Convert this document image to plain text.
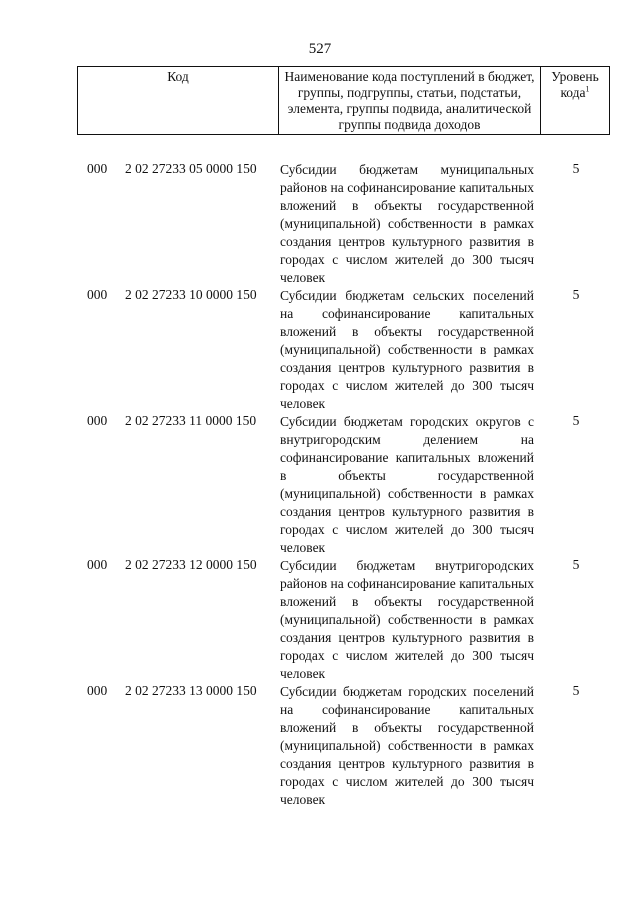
527
Код	Наименование кода поступлений в бюджет, группы, подгруппы, статьи, подстатьи, элемента, группы подвида, аналитической группы подвида доходов
Уровень кода$^1$
000 2 02 27233 05 0000 150 Субсидии бюджетам муниципальных районов на софинансирование капитальных вложений в объекты государственной (муниципальной) собственности в рамках создания центров культурного развития в городах с числом жителей до 300 тысяч человек
5
000 2 02 27233 10 0000 150 Субсидии бюджетам сельских поселений на софинансирование капитальных вложений в объекты государственной (муниципальной) собственности в рамках создания центров культурного развития в городах с числом жителей до 300 тысяч человек
5
000 2 02 27233 11 0000 150 Субсидии бюджетам городских округов с внутригородским делением на софинансирование капитальных вложений в объекты государственной (муниципальной) собственности в рамках создания центров культурного развития в городах с числом жителей до 300 тысяч человек
5
000 2 02 27233 12 0000 150 Субсидии бюджетам внутригородских районов на софинансирование капитальных вложений в объекты государственной (муниципальной) собственности в рамках создания центров культурного развития в городах с числом жителей до 300 тысяч человек
5
000 2 02 27233 13 0000 150 Субсидии бюджетам городских поселений на софинансирование капитальных вложений в объекты государственной (муниципальной) собственности в рамках создания центров культурного развития в городах с числом жителей до 300 тысяч человек
5
